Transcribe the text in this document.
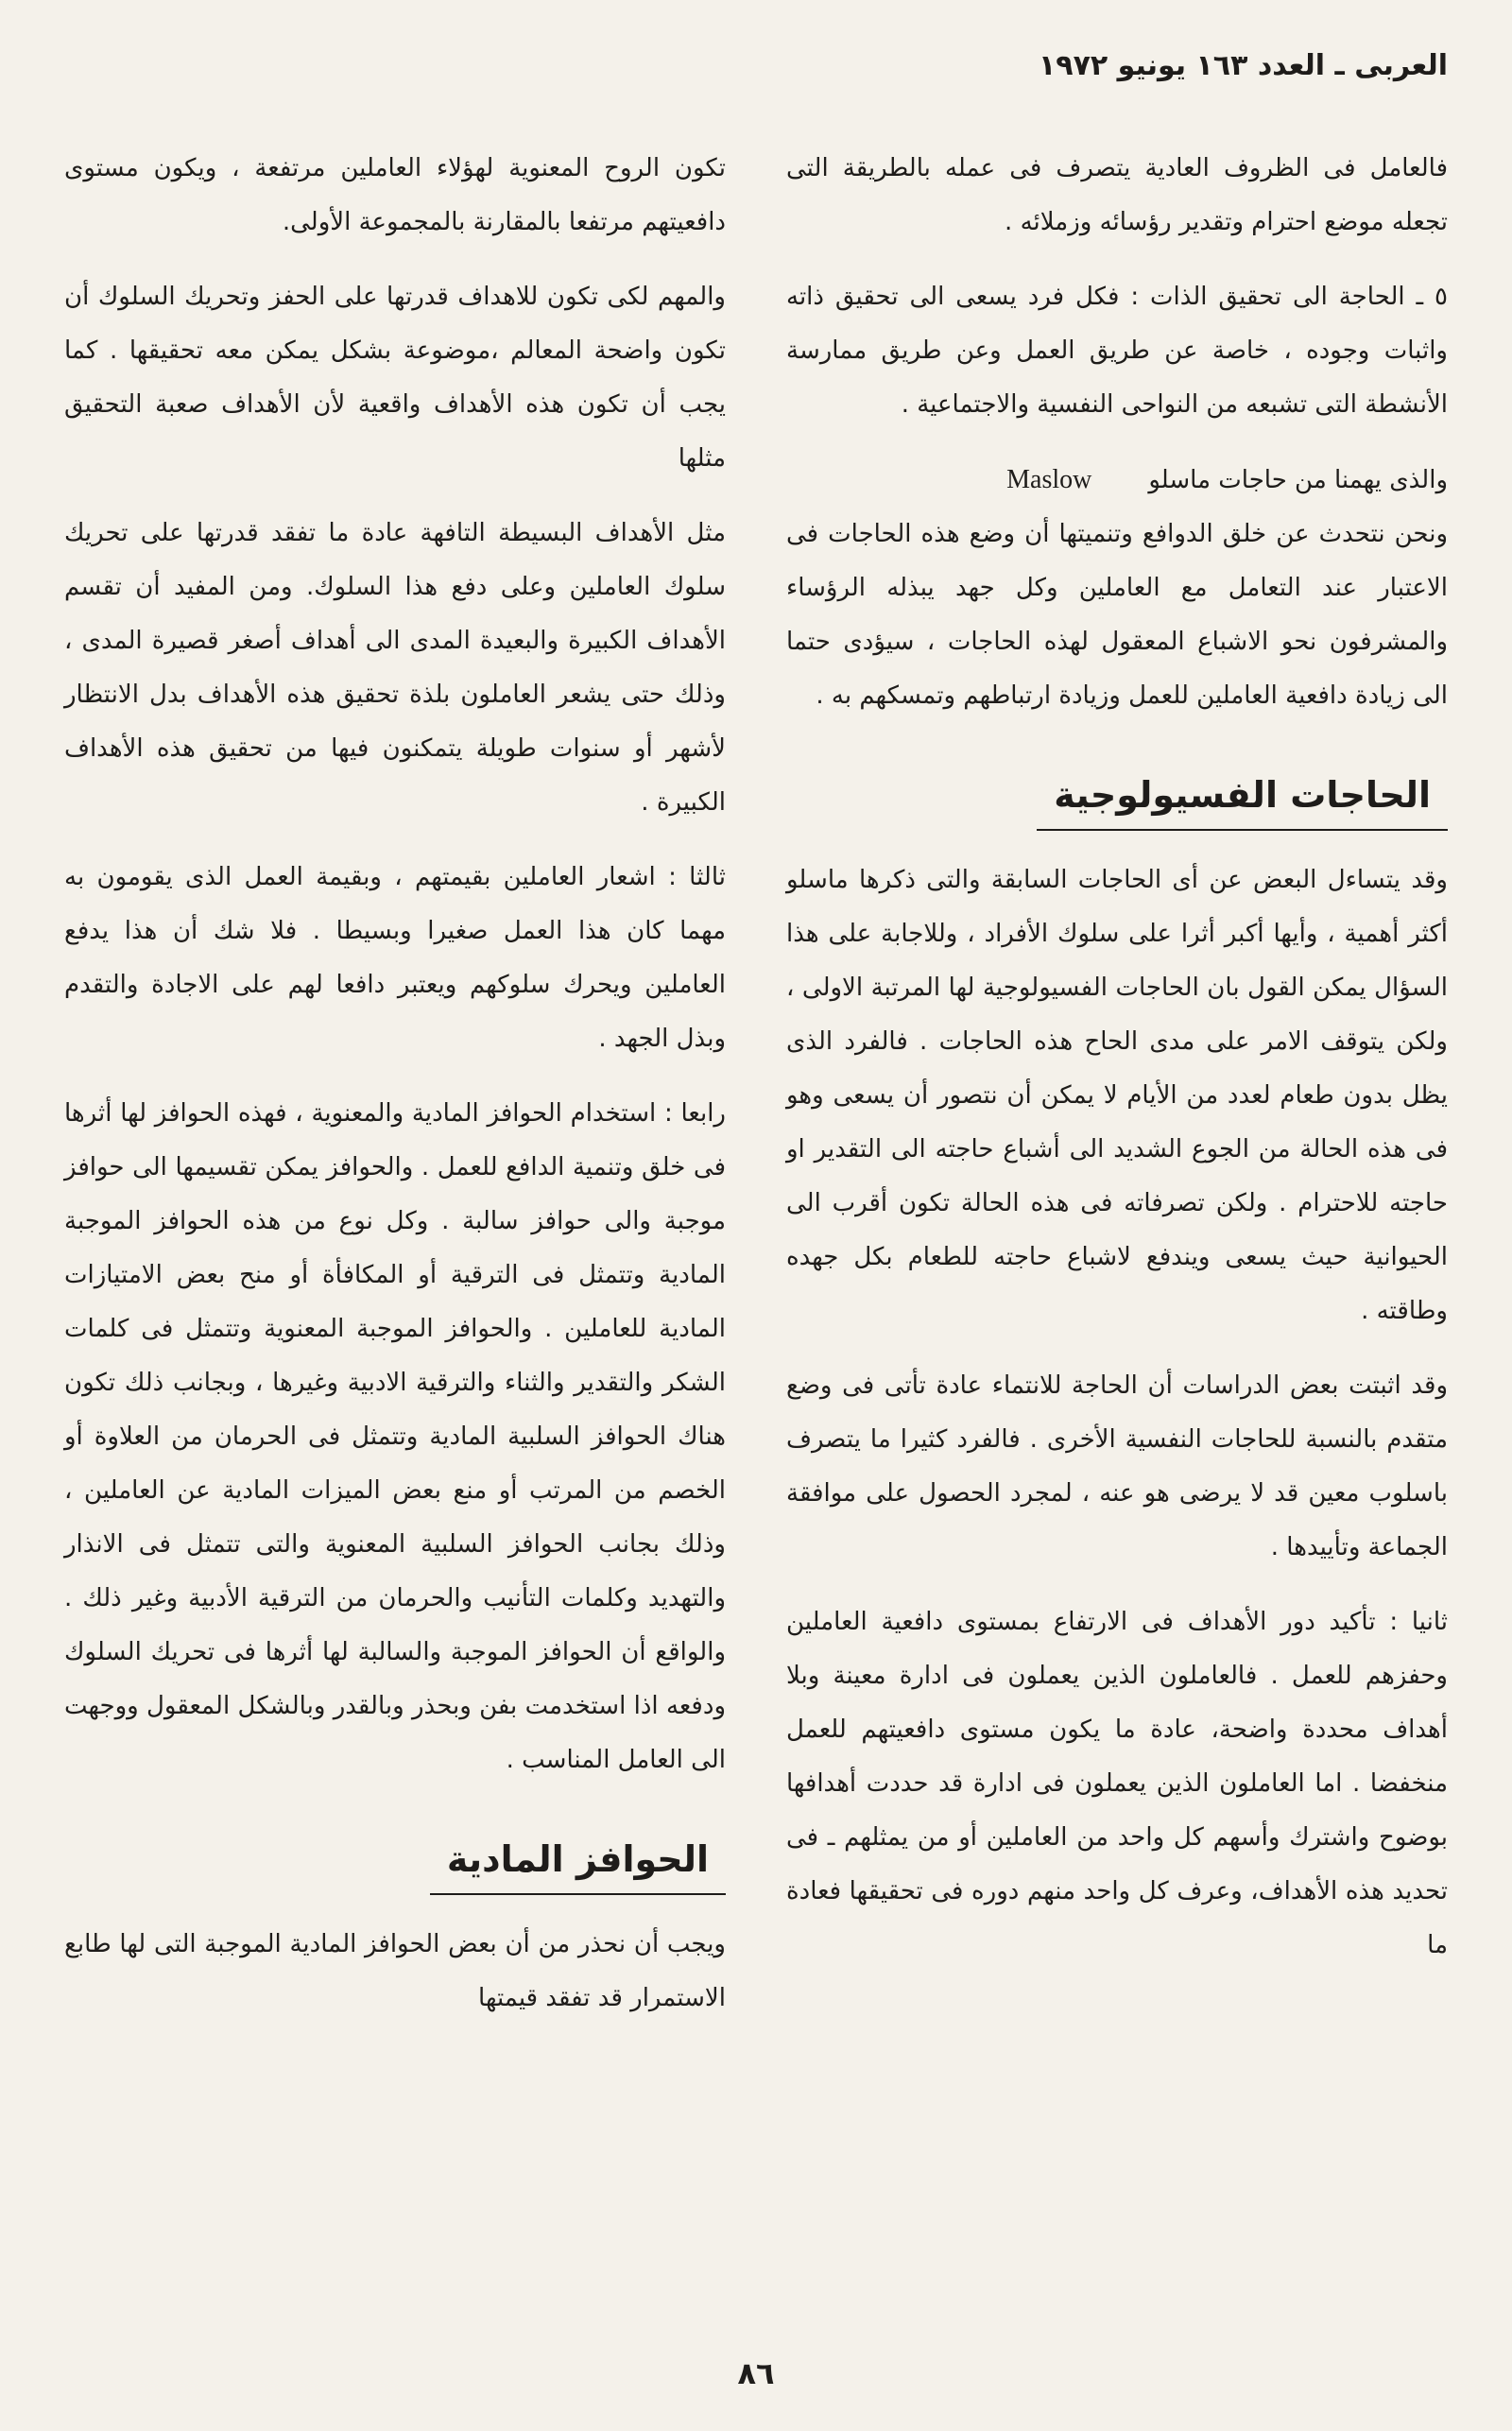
العربى ـ العدد ١٦٣ يونيو ١٩٧٢

فالعامل فى الظروف العادية يتصرف فى عمله بالطريقة التى تجعله موضع احترام وتقدير رؤسائه وزملائه .

٥ ـ الحاجة الى تحقيق الذات : فكل فرد يسعى الى تحقيق ذاته واثبات وجوده ، خاصة عن طريق العمل وعن طريق ممارسة الأنشطة التى تشبعه من النواحى النفسية والاجتماعية .

والذى يهمنا من حاجات ماسلوMaslow

ونحن نتحدث عن خلق الدوافع وتنميتها أن وضع هذه الحاجات فى الاعتبار عند التعامل مع العاملين وكل جهد يبذله الرؤساء والمشرفون نحو الاشباع المعقول لهذه الحاجات ، سيؤدى حتما الى زيادة دافعية العاملين للعمل وزيادة ارتباطهم وتمسكهم به .

الحاجات الفسيولوجية

وقد يتساءل البعض عن أى الحاجات السابقة والتى ذكرها ماسلو أكثر أهمية ، وأيها أكبر أثرا على سلوك الأفراد ، وللاجابة على هذا السؤال يمكن القول بان الحاجات الفسيولوجية لها المرتبة الاولى ، ولكن يتوقف الامر على مدى الحاح هذه الحاجات . فالفرد الذى يظل بدون طعام لعدد من الأيام لا يمكن أن نتصور أن يسعى وهو فى هذه الحالة من الجوع الشديد الى أشباع حاجته الى التقدير او حاجته للاحترام . ولكن تصرفاته فى هذه الحالة تكون أقرب الى الحيوانية حيث يسعى ويندفع لاشباع حاجته للطعام بكل جهده وطاقته .

وقد اثبتت بعض الدراسات أن الحاجة للانتماء عادة تأتى فى وضع متقدم بالنسبة للحاجات النفسية الأخرى . فالفرد كثيرا ما يتصرف باسلوب معين قد لا يرضى هو عنه ، لمجرد الحصول على موافقة الجماعة وتأييدها .

ثانيا : تأكيد دور الأهداف فى الارتفاع بمستوى دافعية العاملين وحفزهم للعمل . فالعاملون الذين يعملون فى ادارة معينة وبلا أهداف محددة واضحة، عادة ما يكون مستوى دافعيتهم للعمل منخفضا . اما العاملون الذين يعملون فى ادارة قد حددت أهدافها بوضوح واشترك وأسهم كل واحد من العاملين أو من يمثلهم ـ فى تحديد هذه الأهداف، وعرف كل واحد منهم دوره فى تحقيقها فعادة ما

تكون الروح المعنوية لهؤلاء العاملين مرتفعة ، ويكون مستوى دافعيتهم مرتفعا بالمقارنة بالمجموعة الأولى.

والمهم لكى تكون للاهداف قدرتها على الحفز وتحريك السلوك أن تكون واضحة المعالم ،موضوعة بشكل يمكن معه تحقيقها . كما يجب أن تكون هذه الأهداف واقعية لأن الأهداف صعبة التحقيق مثلها

مثل الأهداف البسيطة التافهة عادة ما تفقد قدرتها على تحريك سلوك العاملين وعلى دفع هذا السلوك. ومن المفيد أن تقسم الأهداف الكبيرة والبعيدة المدى الى أهداف أصغر قصيرة المدى ، وذلك حتى يشعر العاملون بلذة تحقيق هذه الأهداف بدل الانتظار لأشهر أو سنوات طويلة يتمكنون فيها من تحقيق هذه الأهداف الكبيرة .

ثالثا : اشعار العاملين بقيمتهم ، وبقيمة العمل الذى يقومون به مهما كان هذا العمل صغيرا وبسيطا . فلا شك أن هذا يدفع العاملين ويحرك سلوكهم ويعتبر دافعا لهم على الاجادة والتقدم وبذل الجهد .

رابعا : استخدام الحوافز المادية والمعنوية ، فهذه الحوافز لها أثرها فى خلق وتنمية الدافع للعمل . والحوافز يمكن تقسيمها الى حوافز موجبة والى حوافز سالبة . وكل نوع من هذه الحوافز الموجبة المادية وتتمثل فى الترقية أو المكافأة أو منح بعض الامتيازات المادية للعاملين . والحوافز الموجبة المعنوية وتتمثل فى كلمات الشكر والتقدير والثناء والترقية الادبية وغيرها ، وبجانب ذلك تكون هناك الحوافز السلبية المادية وتتمثل فى الحرمان من العلاوة أو الخصم من المرتب أو منع بعض الميزات المادية عن العاملين ، وذلك بجانب الحوافز السلبية المعنوية والتى تتمثل فى الانذار والتهديد وكلمات التأنيب والحرمان من الترقية الأدبية وغير ذلك . والواقع أن الحوافز الموجبة والسالبة لها أثرها فى تحريك السلوك ودفعه اذا استخدمت بفن وبحذر وبالقدر وبالشكل المعقول ووجهت الى العامل المناسب .

الحوافز المادية

ويجب أن نحذر من أن بعض الحوافز المادية الموجبة التى لها طابع الاستمرار قد تفقد قيمتها

٨٦
